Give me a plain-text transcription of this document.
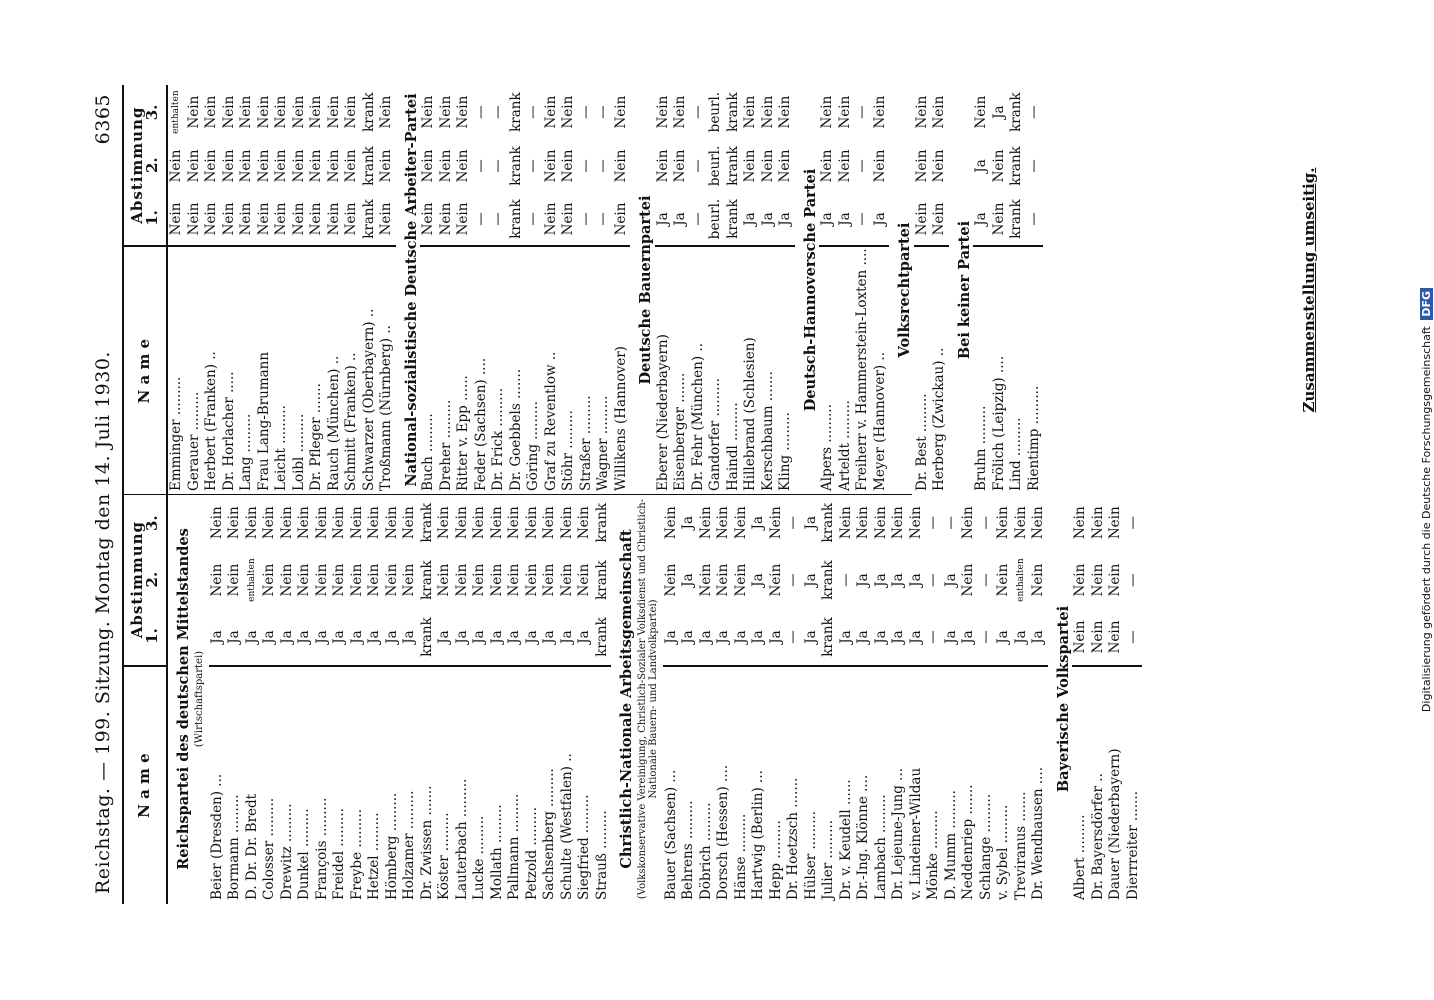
Reichstag. — 199. Sitzung. Montag den 14. Juli 1930.
6365
N a m e	Abstimmung
1.
2.
3.		

Reichspartei des deutschen Mittelstandes			
(Wirtschaftspartei)			
Beier (Dresden) ...	Ja	Nein	Nein
Bormann .........	Ja	Nein	Nein
D. Dr. Dr. Bredt	Ja	enthalten	Nein
Colosser .........	Ja	Nein	Nein
Drewitz .........	Ja	Nein	Nein
Dunkel .........	Ja	Nein	Nein
François .........	Ja	Nein	Nein
Freidel .........	Ja	Nein	Nein
Freybe .........	Ja	Nein	Nein
Hetzel .........	Ja	Nein	Nein
Hömberg .........	Ja	Nein	Nein
Holzamer .........	Ja	Nein	Nein
Dr. Zwissen .......	krank	krank	krank
Köster .........	Ja	Nein	Nein
Lauterbach .........	Ja	Nein	Nein
Lucke .........	Ja	Nein	Nein
Mollath .........	Ja	Nein	Nein
Pallmann .........	Ja	Nein	Nein
Petzold .........	Ja	Nein	Nein
Sachsenberg .........	Ja	Nein	Nein
Schulte (Westfalen) ..	Ja	Nein	Nein
Siegfried .........	Ja	Nein	Nein
Strauß .........	krank	krank	krank
Christlich-Nationale Arbeitsgemeinschaft			
(Volkskonservative Vereinigung, Christlich-Sozialer Volksdienst und Christlich-Nationale Bauern- und Landvolkpartei)			
Bauer (Sachsen) ...	Ja	Nein	Nein
Behrens .........	Ja	Ja	Ja
Döbrich .........	Ja	Nein	Nein
Dorsch (Hessen) ....	Ja	Nein	Nein
Hänse .........	Ja	Nein	Nein
Hartwig (Berlin) ...	Ja	Ja	Ja
Hepp .........	Ja	Nein	Nein
Dr. Hoetzsch .......	—	—	—
Hülser .........	Ja	Ja	Ja
Julier .........	krank	krank	krank
Dr. v. Keudell ......	Ja	—	Nein
Dr.-Ing. Klönne ....	Ja	Ja	Nein
Lambach .........	Ja	Ja	Nein
Dr. Lejeune-Jung ...	Ja	Ja	Nein
v. Lindeiner-Wildau	Ja	Ja	Nein
Mönke .........	—	—	—
D. Mumm .........	Ja	Ja	—
Neddenriep .......	Ja	Nein	Nein
Schlange .........	—	—	—
v. Sybel .........	Ja	Nein	Nein
Treviranus .......	Ja	enthalten	Nein
Dr. Wendhausen ....	Ja	Nein	Nein
Bayerische Volkspartei			
Albert .........	Nein	Nein	Nein
Dr. Bayersdörfer ..	Nein	Nein	Nein
Dauer (Niederbayern)	Nein	Nein	Nein
Dierrreiter .......	—	—	—
N a m e	Abstimmung
1.
2.
3.		

Emminger .........	Nein	Nein	enthalten
Gerauer .........	Nein	Nein	Nein
Herbert (Franken) ..	Nein	Nein	Nein
Dr. Horlacher .....	Nein	Nein	Nein
Lang .........	Nein	Nein	Nein
Frau Lang-Brumann	Nein	Nein	Nein
Leicht .........	Nein	Nein	Nein
Loibl .........	Nein	Nein	Nein
Dr. Pfleger .......	Nein	Nein	Nein
Rauch (München) ..	Nein	Nein	Nein
Schmitt (Franken) ..	Nein	Nein	Nein
Schwarzer (Oberbayern) ..	krank	krank	krank
Troßmann (Nürnberg) ..	Nein	Nein	Nein
National-sozialistische Deutsche Arbeiter-Partei			
Buch .........	Nein	Nein	Nein
Dreher .........	Nein	Nein	Nein
Ritter v. Epp ......	Nein	Nein	Nein
Feder (Sachsen) ....	—	—	—
Dr. Frick .........	—	—	—
Dr. Goebbels .......	krank	krank	krank
Göring .........	—	—	—
Graf zu Reventlow ..	Nein	Nein	Nein
Stöhr .........	Nein	Nein	Nein
Straßer .........	—	—	—
Wagner .........	—	—	—
Willikens (Hannover)	Nein	Nein	Nein
Deutsche Bauernpartei			
Eberer (Niederbayern)	Ja	Nein	Nein
Eisenberger .......	Ja	Nein	Nein
Dr. Fehr (München) ..	—	—	—
Gandorfer .........	beurl.	beurl.	beurl.
Haindl .........	krank	krank	krank
Hillebrand (Schlesien)	Ja	Nein	Nein
Kerschbaum .......	Ja	Nein	Nein
Kling .........	Ja	Nein	Nein
Deutsch-Hannoversche Partei			
Alpers .........	Ja	Nein	Nein
Arteldt .........	Ja	Nein	Nein
Freiherr v. Hammerstein-Loxten ....	—	—	—
Meyer (Hannover) ..	Ja	Nein	Nein
Volksrechtpartei			
Dr. Best .........	Nein	Nein	Nein
Herberg (Zwickau) ..	Nein	Nein	Nein
Bei keiner Partei			
Bruhn .........	Ja	Ja	Nein
Frölich (Leipzig) ....	Nein	Nein	Ja
Lind .........	krank	krank	krank
Rientimp .........	—	—	—
Zusammenstellung umseitig.
Digitalisierung gefördert durch die Deutsche Forschungsgemeinschaft DFG
